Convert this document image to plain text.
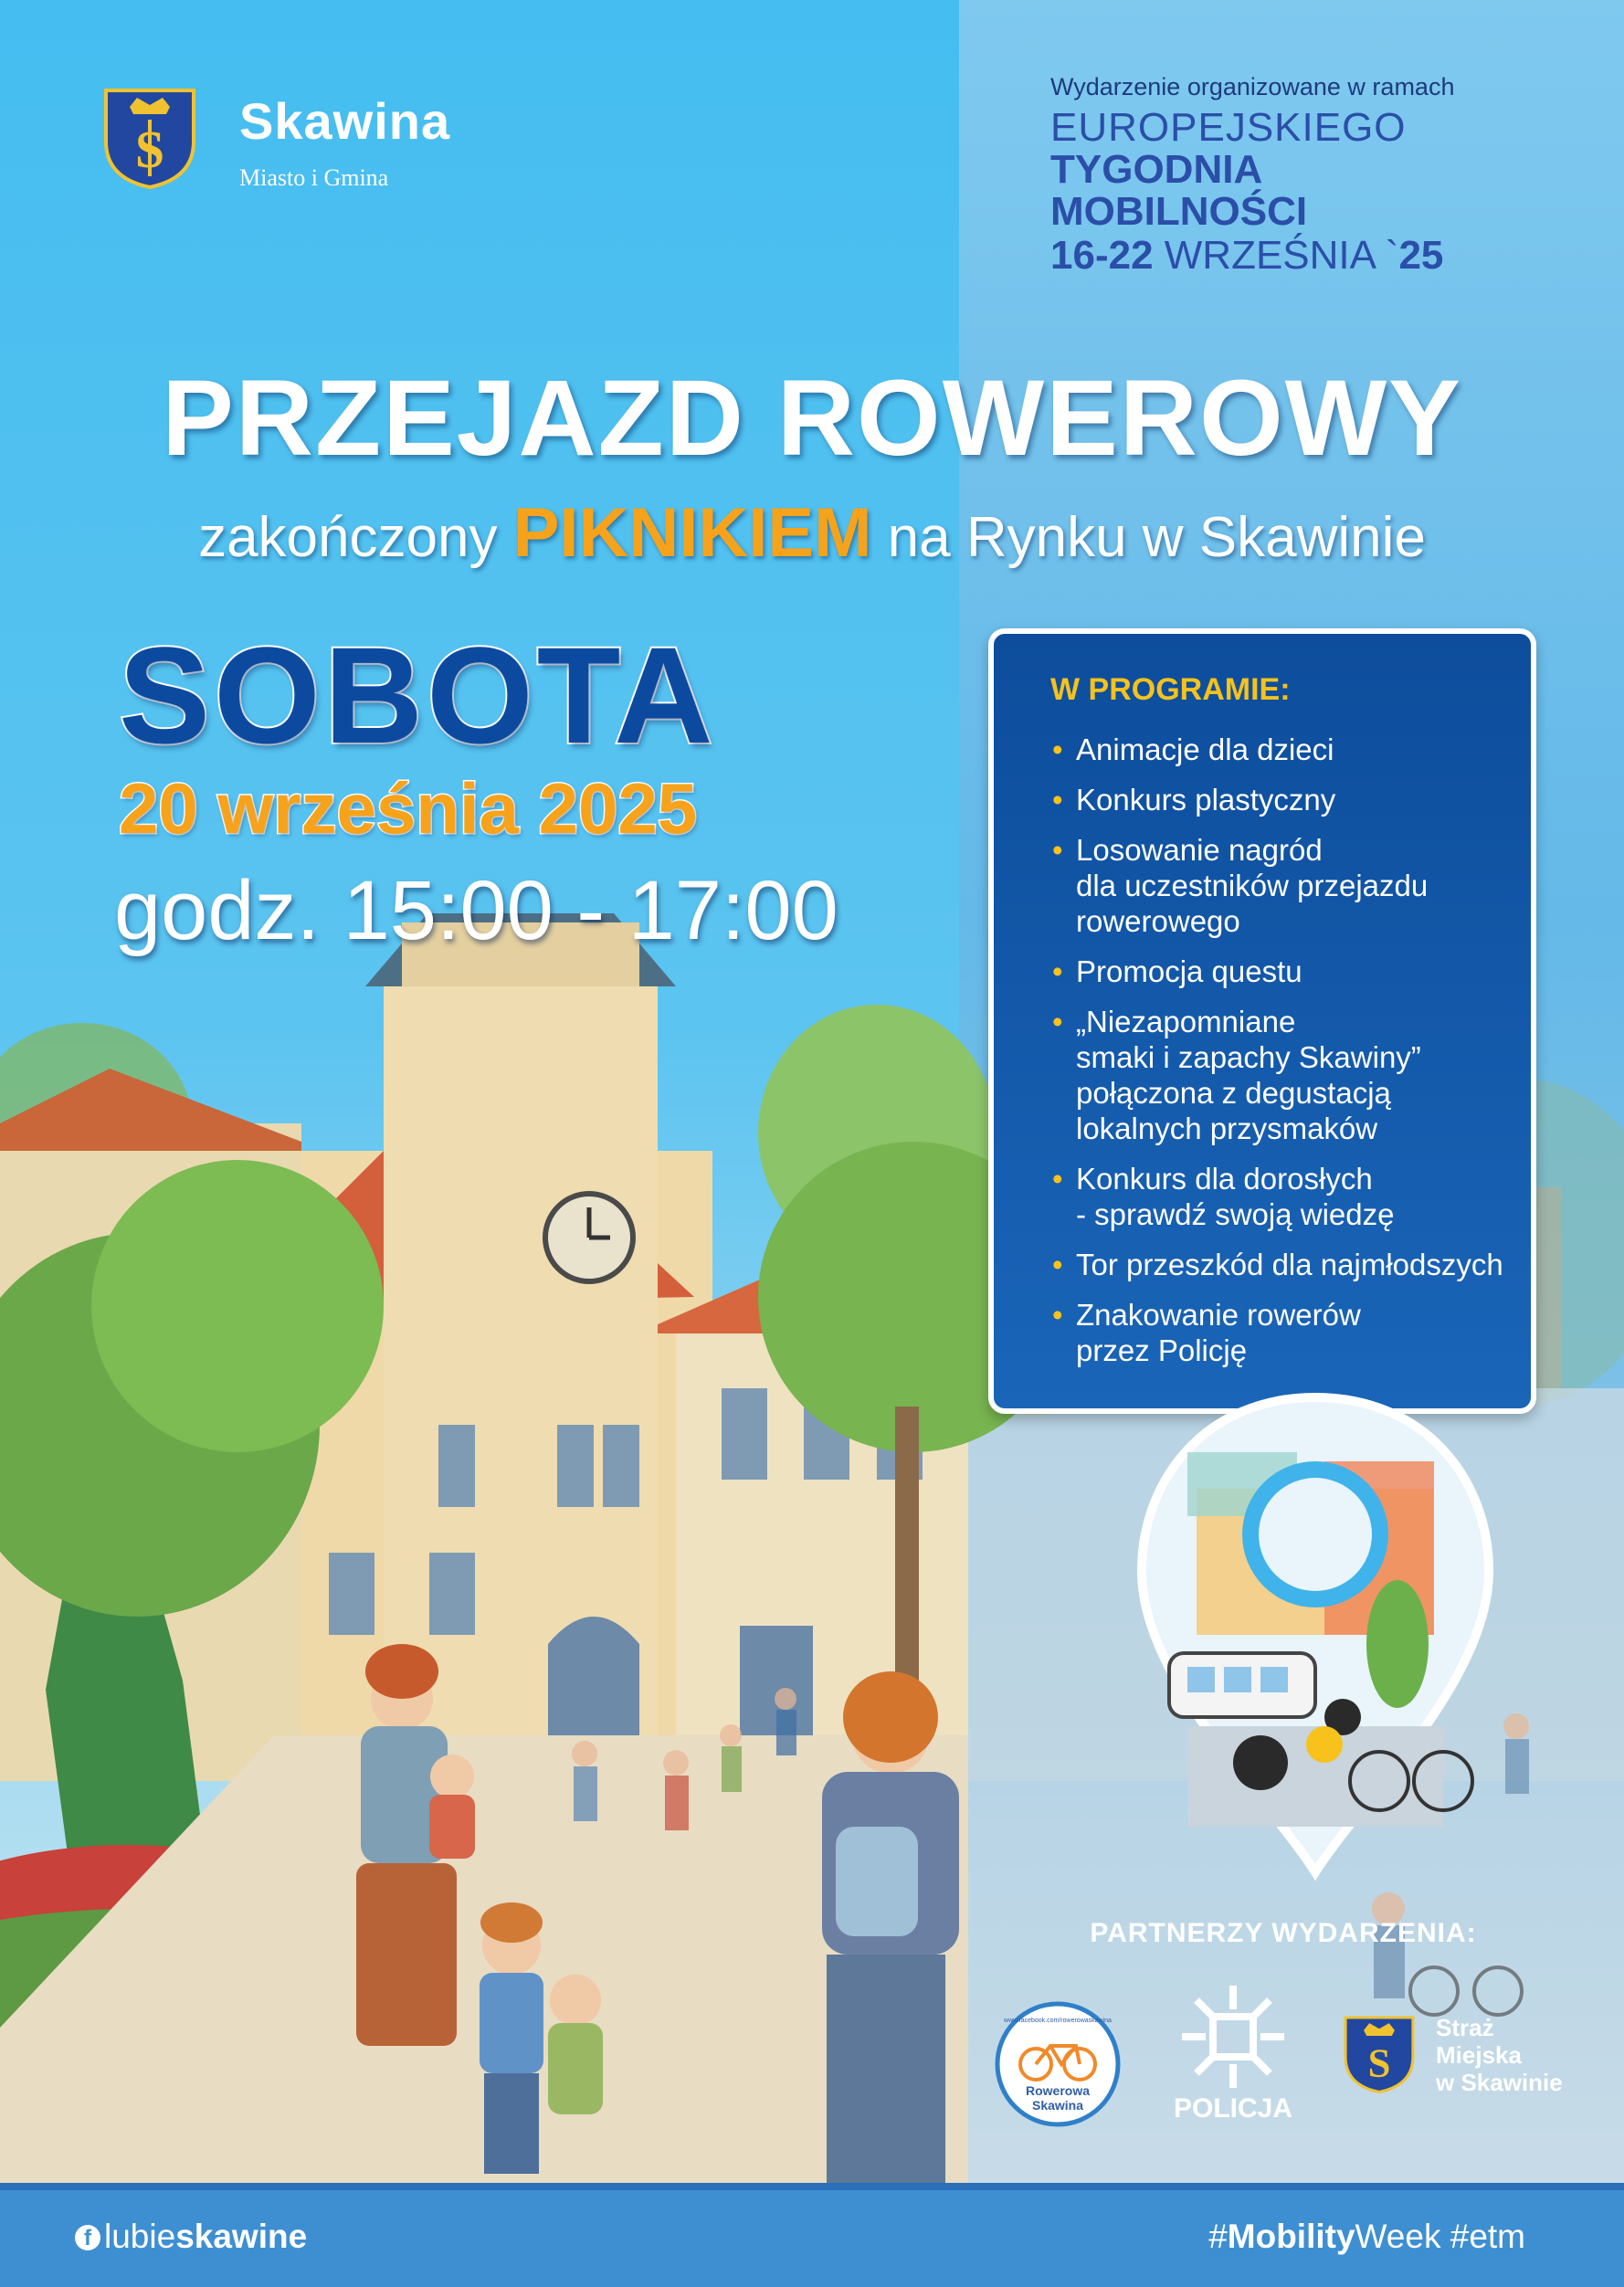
S Skawina
Miasto i Gmina
Wydarzenie organizowane w ramach
EUROPEJSKIEGO
TYGODNIA
MOBILNOŚCI
16-22 WRZEŚNIA `25
PRZEJAZD ROWEROWY
zakończony PIKNIKIEM na Rynku w Skawinie
SOBOTA
20 września 2025
godz. 15:00 - 17:00
W PROGRAMIE:
• Animacje dla dzieci
• Konkurs plastyczny
• Losowanie nagród
dla uczestników przejazdu
rowerowego
• Promocja questu
• „Niezapomniane
smaki i zapachy Skawiny”
połączona z degustacją
lokalnych przysmaków
• Konkurs dla dorosłych
- sprawdź swoją wiedzę
• Tor przeszkód dla najmłodszych
• Znakowanie rowerów
przez Policję
PARTNERZY WYDARZENIA:
Rowerowa
Skawina
www.facebook.com/rowerowaskawina
POLICJA
S
Straż
Miejska
w Skawinie
f lubieskawine	#MobilityWeek #etm
